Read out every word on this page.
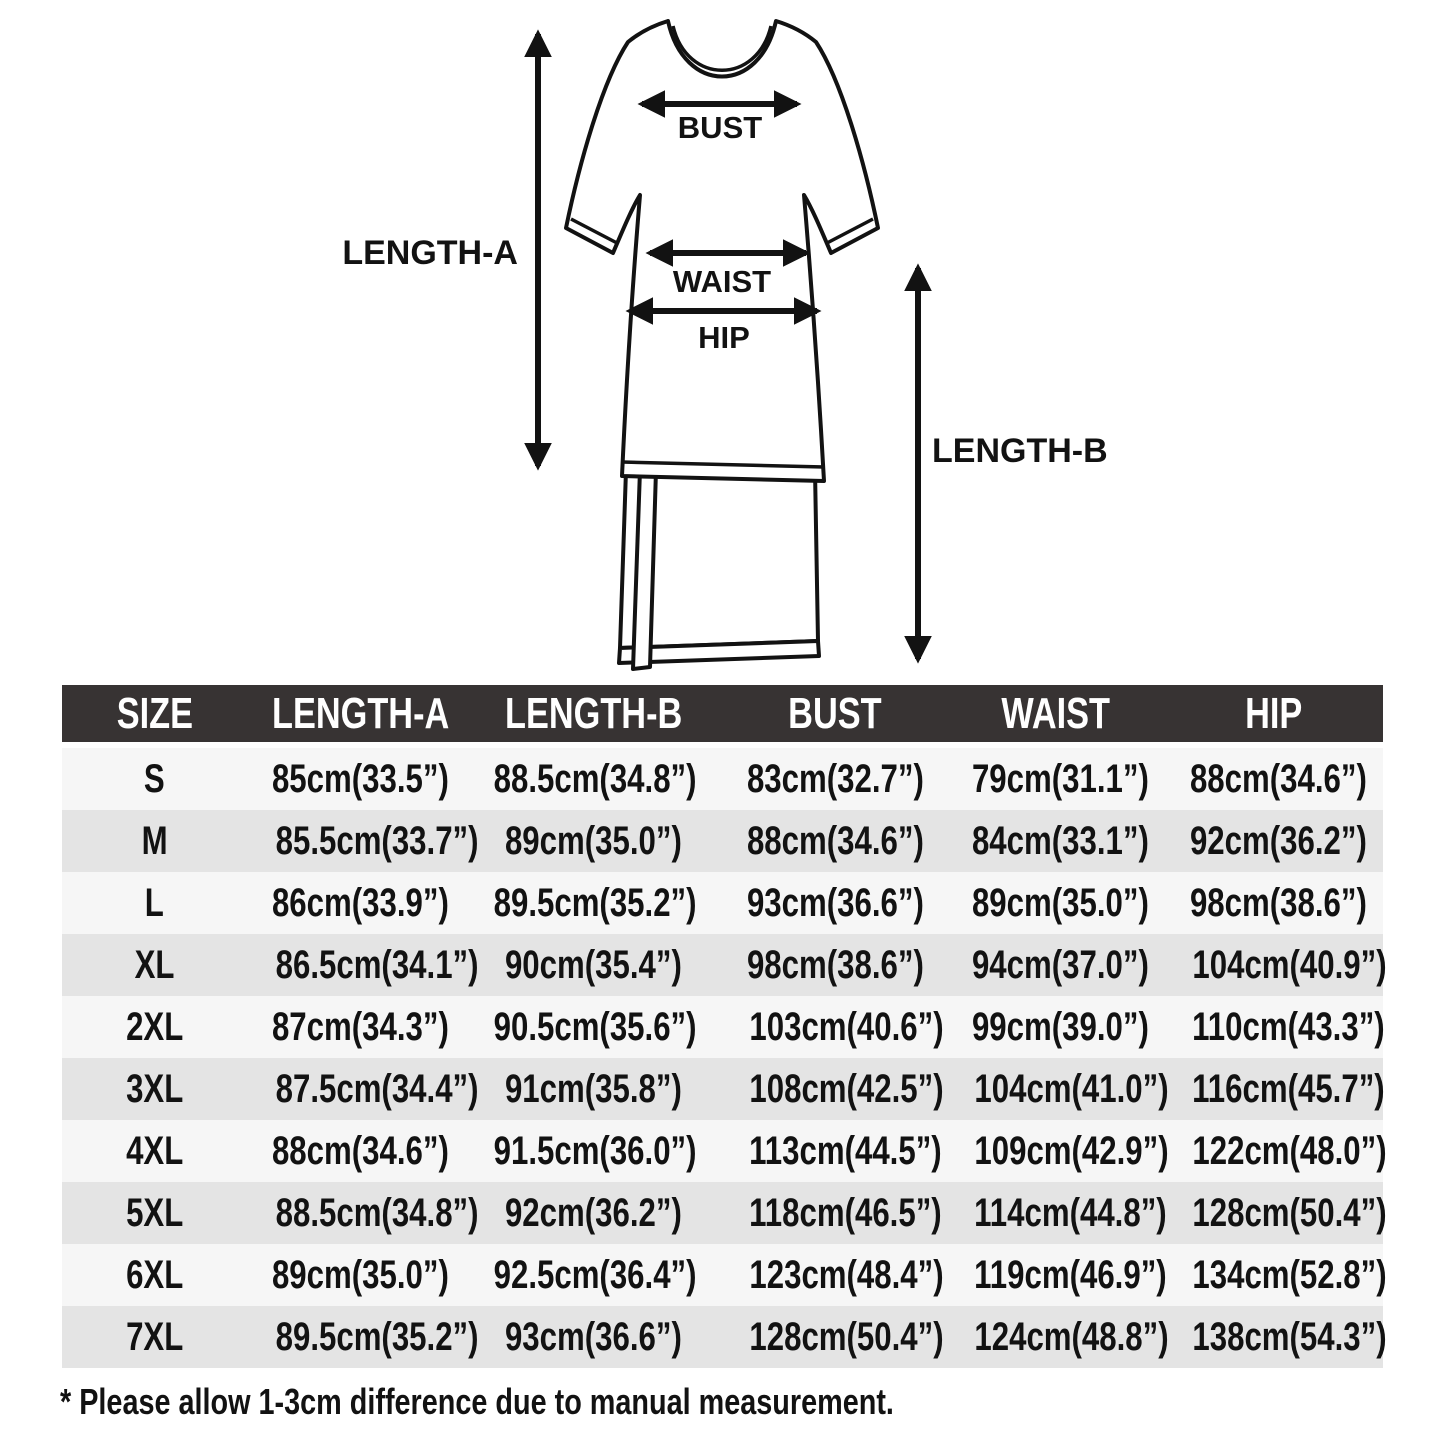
LENGTH-A
BUST
WAIST
HIP
LENGTH-B
SIZE	LENGTH-A	LENGTH-B	BUST	WAIST	HIP
S	85cm(33.5”)	88.5cm(34.8”)	83cm(32.7”)	79cm(31.1”)	88cm(34.6”)
M	85.5cm(33.7”)	89cm(35.0”)	88cm(34.6”)	84cm(33.1”)	92cm(36.2”)
L	86cm(33.9”)	89.5cm(35.2”)	93cm(36.6”)	89cm(35.0”)	98cm(38.6”)
XL	86.5cm(34.1”)	90cm(35.4”)	98cm(38.6”)	94cm(37.0”)	104cm(40.9”)
2XL	87cm(34.3”)	90.5cm(35.6”)	103cm(40.6”)	99cm(39.0”)	110cm(43.3”)
3XL	87.5cm(34.4”)	91cm(35.8”)	108cm(42.5”)	104cm(41.0”)	116cm(45.7”)
4XL	88cm(34.6”)	91.5cm(36.0”)	113cm(44.5”)	109cm(42.9”)	122cm(48.0”)
5XL	88.5cm(34.8”)	92cm(36.2”)	118cm(46.5”)	114cm(44.8”)	128cm(50.4”)
6XL	89cm(35.0”)	92.5cm(36.4”)	123cm(48.4”)	119cm(46.9”)	134cm(52.8”)
7XL	89.5cm(35.2”)	93cm(36.6”)	128cm(50.4”)	124cm(48.8”)	138cm(54.3”)

* Please allow 1-3cm difference due to manual measurement.
